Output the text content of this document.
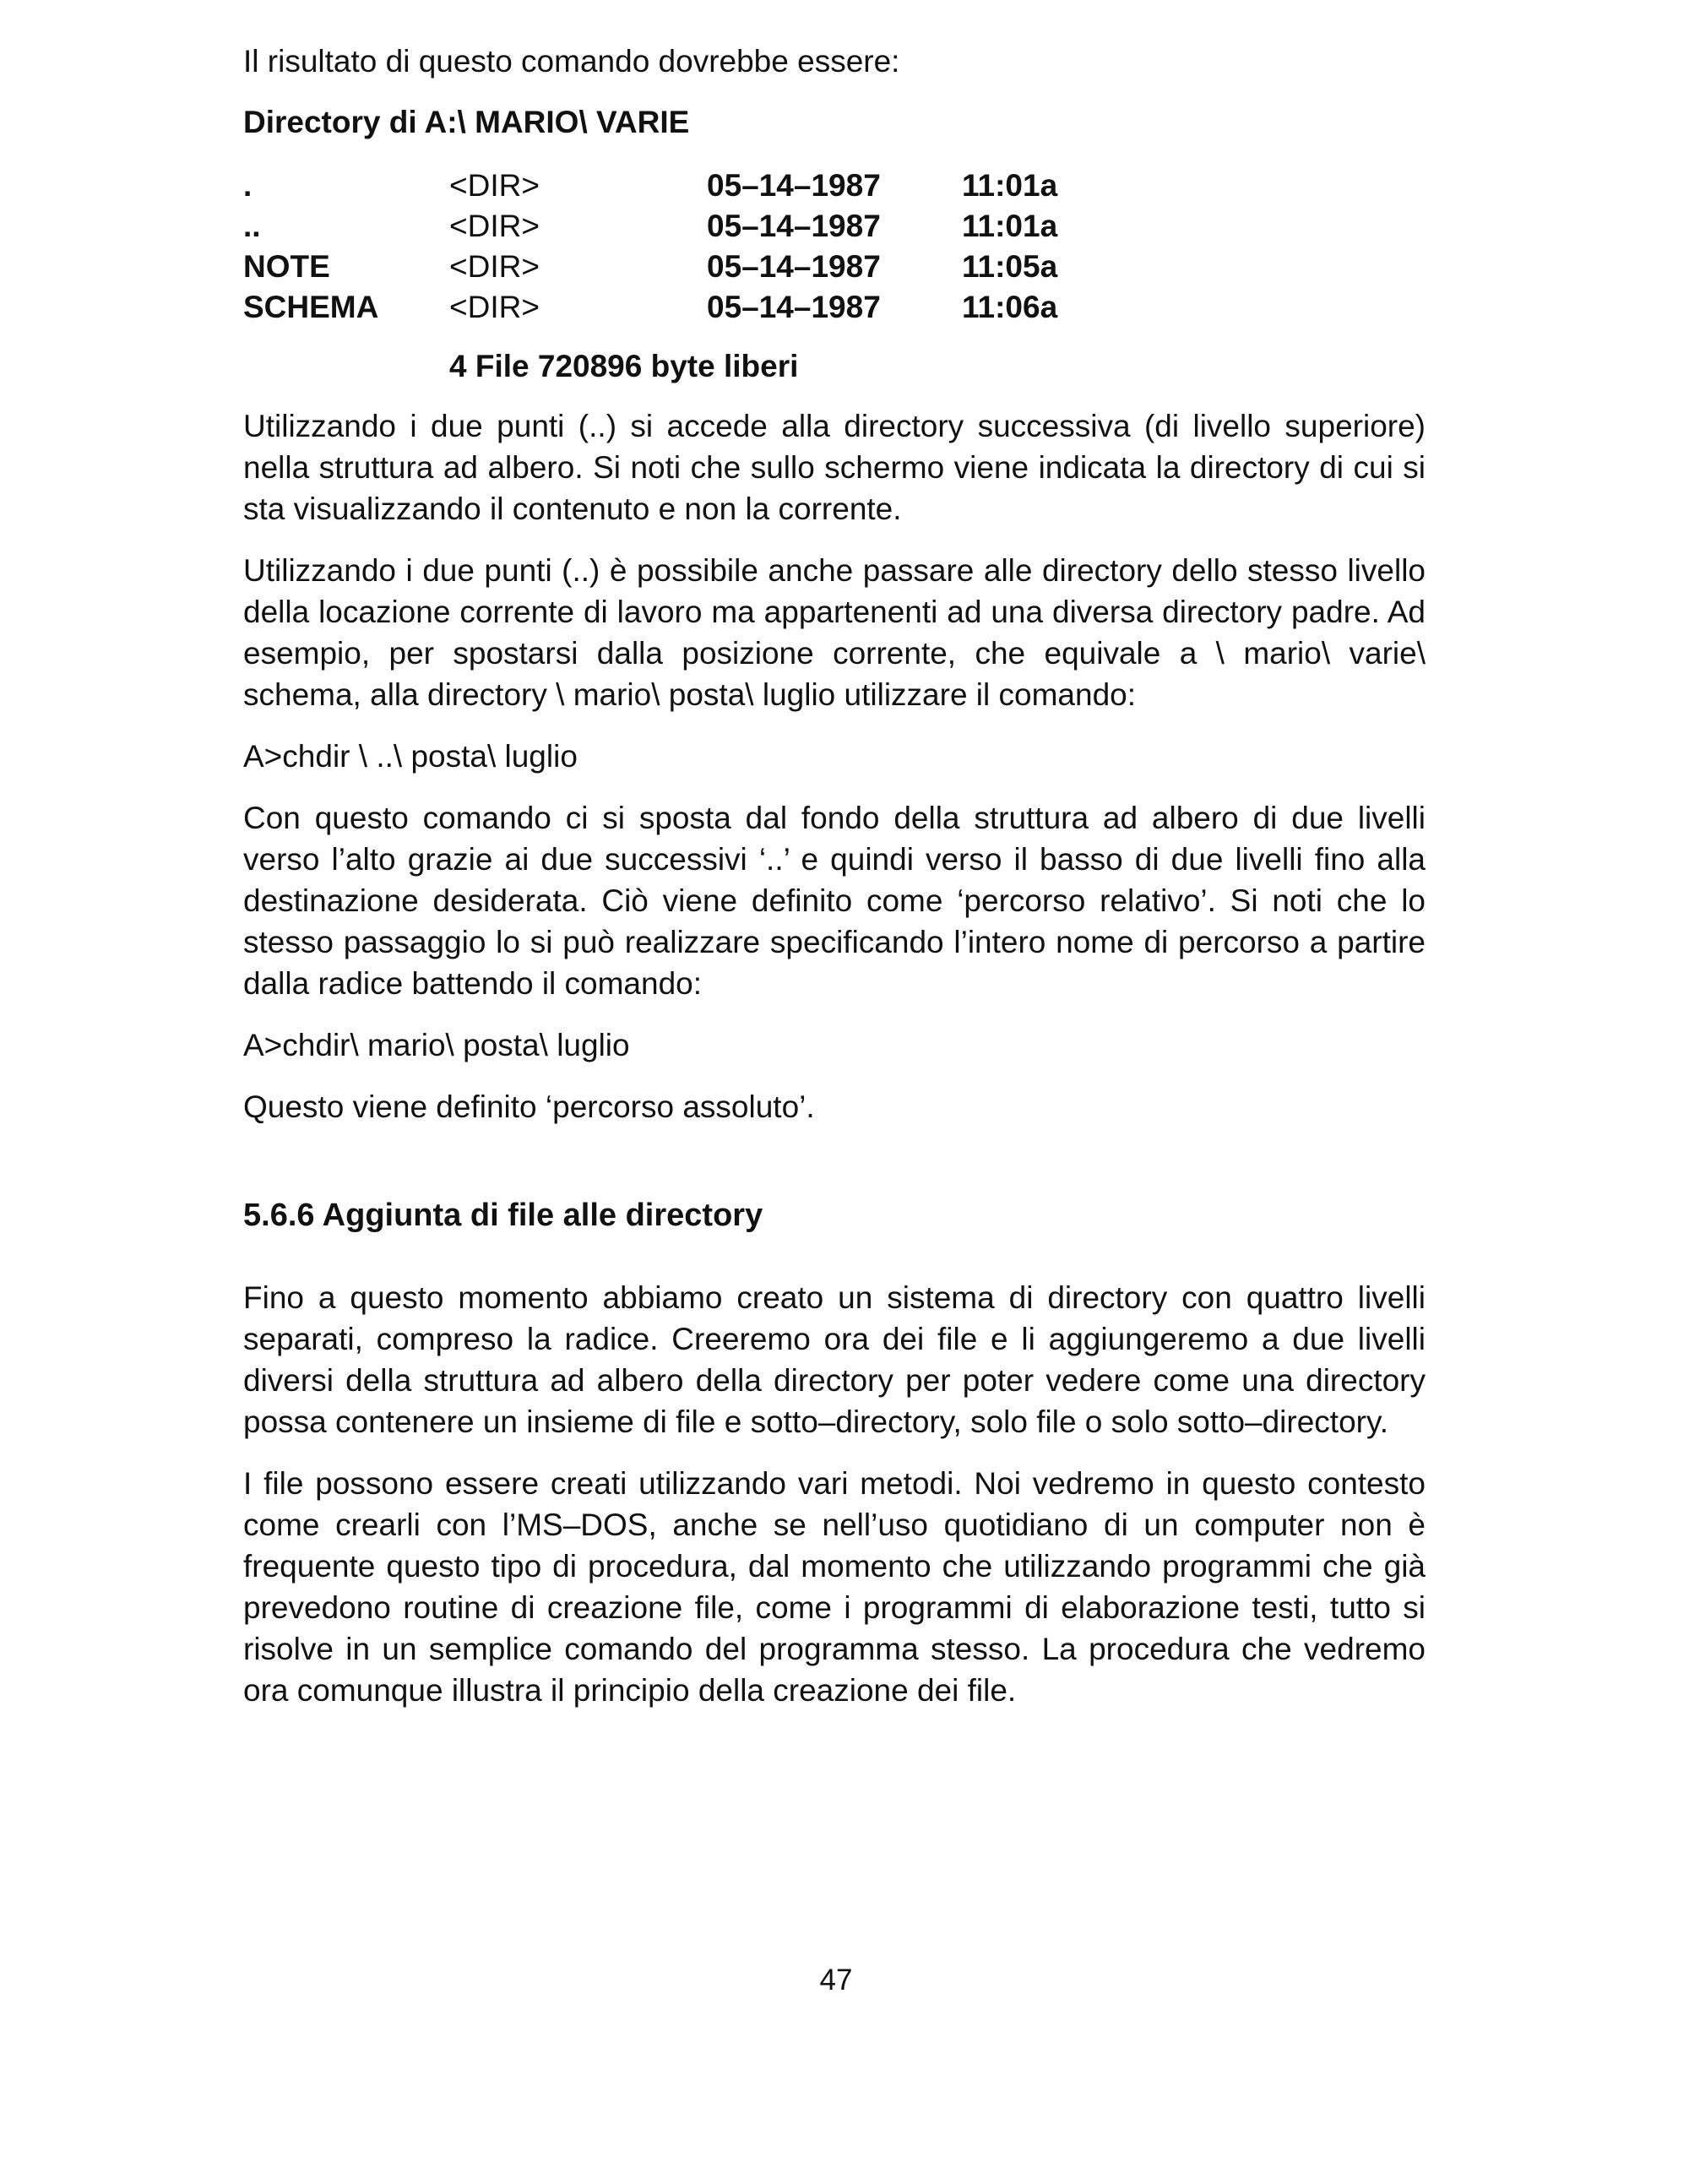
Il risultato di questo comando dovrebbe essere:

Directory di A:\ MARIO\ VARIE

.	<DIR>	05–14–1987	11:01a
..	<DIR>	05–14–1987	11:01a
NOTE	<DIR>	05–14–1987	11:05a
SCHEMA	<DIR>	05–14–1987	11:06a

4 File 720896 byte liberi

Utilizzando i due punti (..) si accede alla directory successiva (di livello superiore) nella struttura ad albero. Si noti che sullo schermo viene indicata la directory di cui si sta visualizzando il contenuto e non la corrente.

Utilizzando i due punti (..) è possibile anche passare alle directory dello stesso livello della locazione corrente di lavoro ma appartenenti ad una diversa directory padre. Ad esempio, per spostarsi dalla posizione corrente, che equivale a \ mario\ varie\ schema, alla directory \ mario\ posta\ luglio utilizzare il comando:

A>chdir \ ..\ posta\ luglio

Con questo comando ci si sposta dal fondo della struttura ad albero di due livelli verso l’alto grazie ai due successivi ‘..’ e quindi verso il basso di due livelli fino alla destinazione desiderata. Ciò viene definito come ‘percorso relativo’. Si noti che lo stesso passaggio lo si può realizzare specificando l’intero nome di percorso a partire dalla radice battendo il comando:

A>chdir\ mario\ posta\ luglio

Questo viene definito ‘percorso assoluto’.

5.6.6 Aggiunta di file alle directory

Fino a questo momento abbiamo creato un sistema di directory con quattro livelli separati, compreso la radice. Creeremo ora dei file e li aggiungeremo a due livelli diversi della struttura ad albero della directory per poter vedere come una directory possa contenere un insieme di file e sotto–directory, solo file o solo sotto–directory.

I file possono essere creati utilizzando vari metodi. Noi vedremo in questo contesto come crearli con l’MS–DOS, anche se nell’uso quotidiano di un computer non è frequente questo tipo di procedura, dal momento che utilizzando programmi che già prevedono routine di creazione file, come i programmi di elaborazione testi, tutto si risolve in un semplice comando del programma stesso. La procedura che vedremo ora comunque illustra il principio della creazione dei file.

47
